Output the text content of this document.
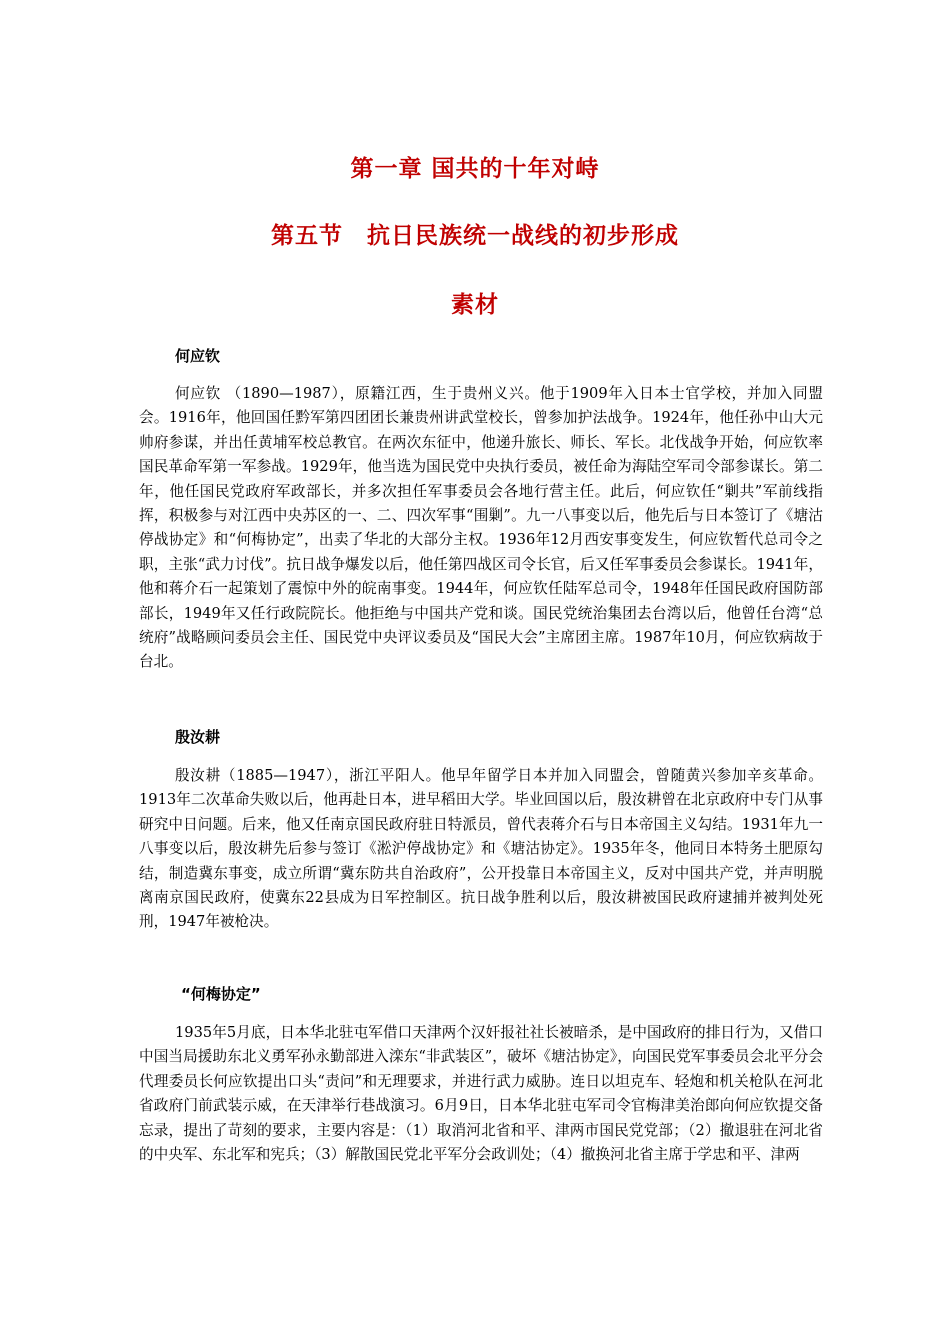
第一章 国共的十年对峙
第五节　抗日民族统一战线的初步形成
素材
何应钦
何应钦 （1890—1987），原籍江西，生于贵州义兴。他于1909年入日本士官学校，并加入同盟会。1916年，他回国任黔军第四团团长兼贵州讲武堂校长，曾参加护法战争。1924年，他任孙中山大元帅府参谋，并出任黄埔军校总教官。在两次东征中，他递升旅长、师长、军长。北伐战争开始，何应钦率国民革命军第一军参战。1929年，他当选为国民党中央执行委员，被任命为海陆空军司令部参谋长。第二年，他任国民党政府军政部长，并多次担任军事委员会各地行营主任。此后，何应钦任“剿共”军前线指挥，积极参与对江西中央苏区的一、二、四次军事“围剿”。九一八事变以后，他先后与日本签订了《塘沽停战协定》和“何梅协定”，出卖了华北的大部分主权。1936年12月西安事变发生，何应钦暂代总司令之职，主张“武力讨伐”。抗日战争爆发以后，他任第四战区司令长官，后又任军事委员会参谋长。1941年，他和蒋介石一起策划了震惊中外的皖南事变。1944年，何应钦任陆军总司令，1948年任国民政府国防部部长，1949年又任行政院院长。他拒绝与中国共产党和谈。国民党统治集团去台湾以后，他曾任台湾“总统府”战略顾问委员会主任、国民党中央评议委员及“国民大会”主席团主席。1987年10月，何应钦病故于台北。
殷汝耕
殷汝耕（1885—1947），浙江平阳人。他早年留学日本并加入同盟会，曾随黄兴参加辛亥革命。1913年二次革命失败以后，他再赴日本，进早稻田大学。毕业回国以后，殷汝耕曾在北京政府中专门从事研究中日问题。后来，他又任南京国民政府驻日特派员，曾代表蒋介石与日本帝国主义勾结。1931年九一八事变以后，殷汝耕先后参与签订《淞沪停战协定》和《塘沽协定》。1935年冬，他同日本特务土肥原勾结，制造冀东事变，成立所谓“冀东防共自治政府”，公开投靠日本帝国主义，反对中国共产党，并声明脱离南京国民政府，使冀东22县成为日军控制区。抗日战争胜利以后，殷汝耕被国民政府逮捕并被判处死刑，1947年被枪决。
“何梅协定”
1935年5月底，日本华北驻屯军借口天津两个汉奸报社社长被暗杀，是中国政府的排日行为，又借口中国当局援助东北义勇军孙永勤部进入滦东“非武装区”，破坏《塘沽协定》，向国民党军事委员会北平分会代理委员长何应钦提出口头“责问”和无理要求，并进行武力威胁。连日以坦克车、轻炮和机关枪队在河北省政府门前武装示威，在天津举行巷战演习。6月9日，日本华北驻屯军司令官梅津美治郎向何应钦提交备忘录，提出了苛刻的要求，主要内容是：（1）取消河北省和平、津两市国民党党部；（2）撤退驻在河北省的中央军、东北军和宪兵；（3）解散国民党北平军分会政训处；（4）撤换河北省主席于学忠和平、津两
